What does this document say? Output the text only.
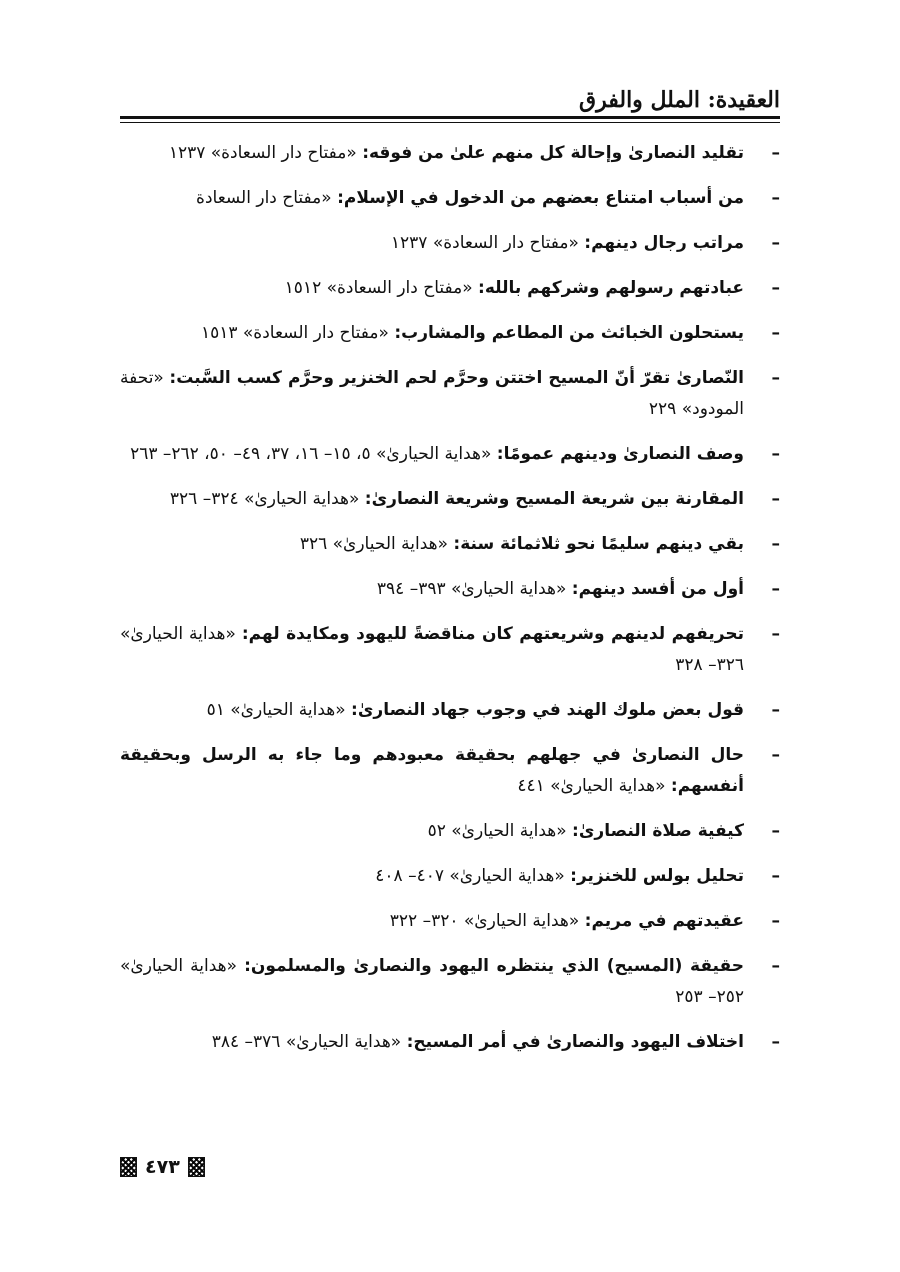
العقيدة: الملل والفرق
–
تقليد النصارىٰ وإحالة كل منهم علىٰ من فوقه: «مفتاح دار السعادة» ١٢٣٧
–
من أسباب امتناع بعضهم من الدخول في الإسلام: «مفتاح دار السعادة
–
مراتب رجال دينهم: «مفتاح دار السعادة» ١٢٣٧
–
عبادتهم رسولهم وشركهم بالله: «مفتاح دار السعادة» ١٥١٢
–
يستحلون الخبائث من المطاعم والمشارب: «مفتاح دار السعادة» ١٥١٣
–
النّصارىٰ تقرّ أنّ المسيح اختتن وحرَّم لحم الخنزير وحرَّم كسب السَّبت: «تحفة المودود» ٢٢٩
–
وصف النصارىٰ ودينهم عمومًا: «هداية الحيارىٰ» ٥، ١٥– ١٦، ٣٧، ٤٩– ٥٠، ٢٦٢– ٢٦٣
–
المقارنة بين شريعة المسيح وشريعة النصارىٰ: «هداية الحيارىٰ» ٣٢٤– ٣٢٦
–
بقي دينهم سليمًا نحو ثلاثمائة سنة: «هداية الحيارىٰ» ٣٢٦
–
أول من أفسد دينهم: «هداية الحيارىٰ» ٣٩٣– ٣٩٤
–
تحريفهم لدينهم وشريعتهم كان مناقضةً لليهود ومكايدة لهم: «هداية الحيارىٰ» ٣٢٦– ٣٢٨
–
قول بعض ملوك الهند في وجوب جهاد النصارىٰ: «هداية الحيارىٰ» ٥١
–
حال النصارىٰ في جهلهم بحقيقة معبودهم وما جاء به الرسل وبحقيقة أنفسهم: «هداية الحيارىٰ» ٤٤١
–
كيفية صلاة النصارىٰ: «هداية الحيارىٰ» ٥٢
–
تحليل بولس للخنزير: «هداية الحيارىٰ» ٤٠٧– ٤٠٨
–
عقيدتهم في مريم: «هداية الحيارىٰ» ٣٢٠– ٣٢٢
–
حقيقة (المسيح) الذي ينتظره اليهود والنصارىٰ والمسلمون: «هداية الحيارىٰ» ٢٥٢– ٢٥٣
–
اختلاف اليهود والنصارىٰ في أمر المسيح: «هداية الحيارىٰ» ٣٧٦– ٣٨٤
٤٧٣
